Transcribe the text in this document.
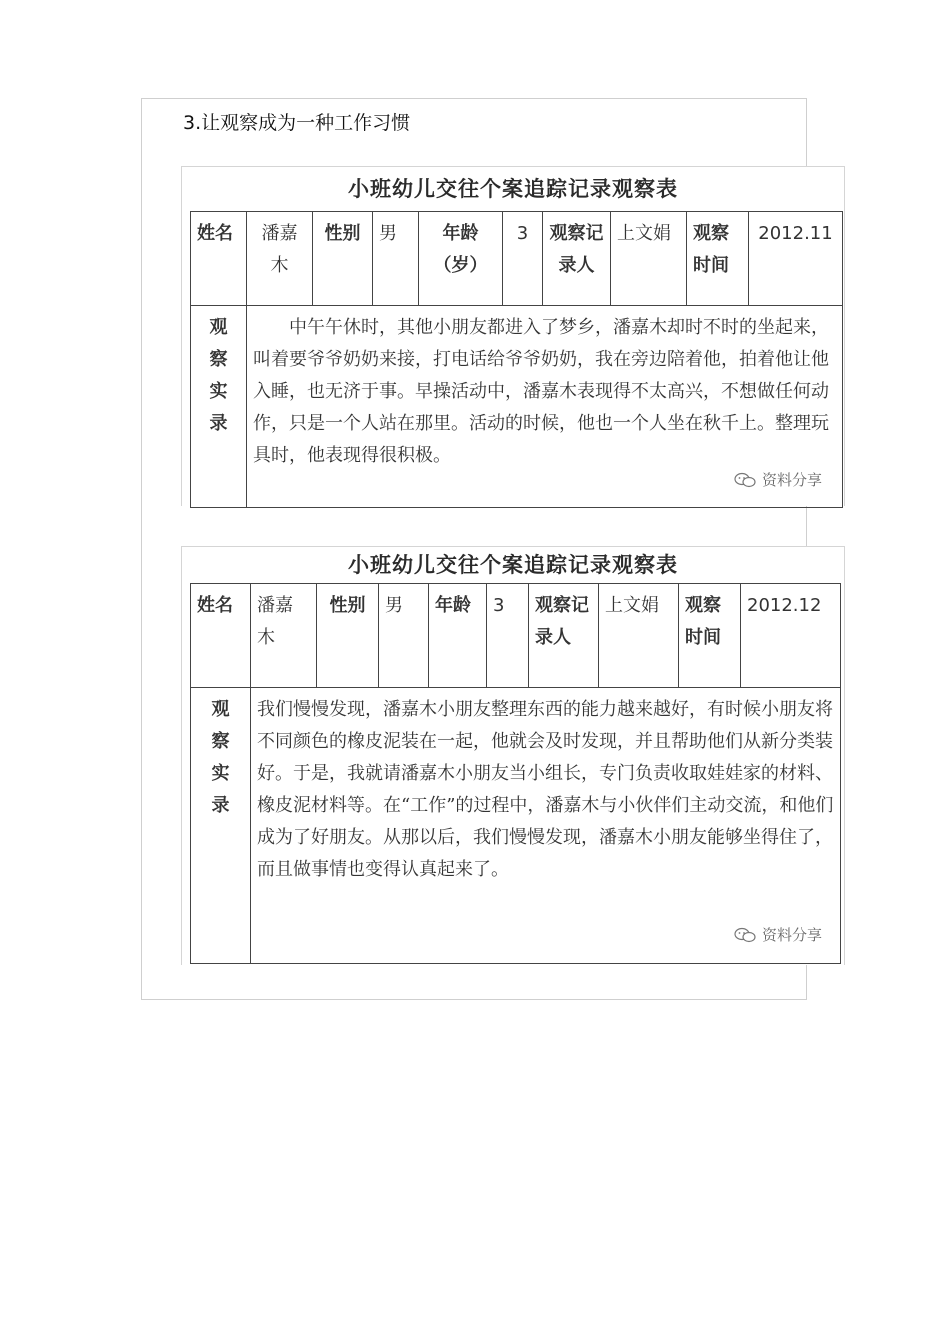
3.让观察成为一种工作习惯
小班幼儿交往个案追踪记录观察表
姓名	潘嘉木	性别	男	年龄（岁）	3	观察记录人	上文娟	观察时间	2012.11
观察实录	中午午休时，其他小朋友都进入了梦乡，潘嘉木却时不时的坐起来，叫着要爷爷奶奶来接，打电话给爷爷奶奶，我在旁边陪着他，拍着他让他入睡，也无济于事。早操活动中，潘嘉木表现得不太高兴，不想做任何动作，只是一个人站在那里。活动的时候，他也一个人坐在秋千上。整理玩具时，他表现得很积极。								
资料分享
小班幼儿交往个案追踪记录观察表
姓名	潘嘉木	性别	男	年龄	3	观察记录人	上文娟	观察时间	2012.12
观察实录	我们慢慢发现，潘嘉木小朋友整理东西的能力越来越好，有时候小朋友将不同颜色的橡皮泥装在一起，他就会及时发现，并且帮助他们从新分类装好。于是，我就请潘嘉木小朋友当小组长，专门负责收取娃娃家的材料、橡皮泥材料等。在“工作”的过程中，潘嘉木与小伙伴们主动交流，和他们成为了好朋友。从那以后，我们慢慢发现，潘嘉木小朋友能够坐得住了，而且做事情也变得认真起来了。								
资料分享
